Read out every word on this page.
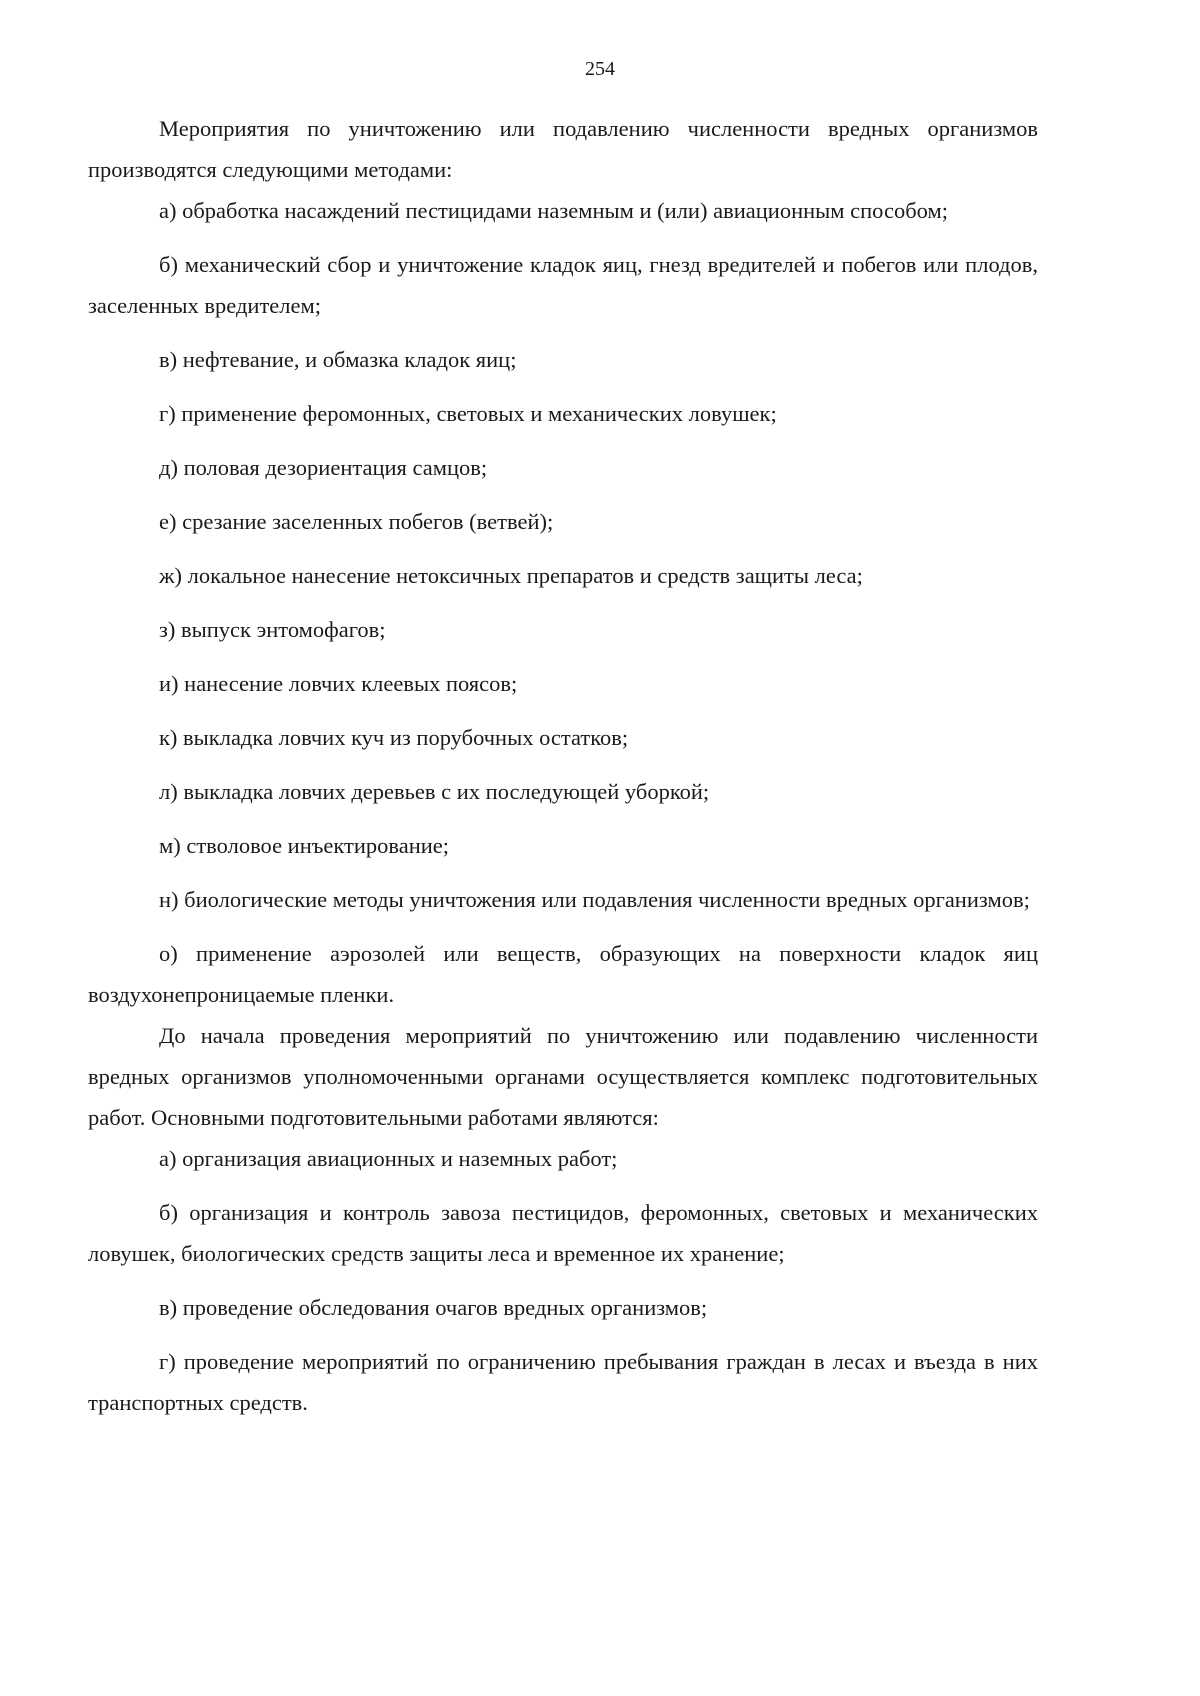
254

Мероприятия по уничтожению или подавлению численности вредных организмов производятся следующими методами:

а) обработка насаждений пестицидами наземным и (или) авиационным способом;

б) механический сбор и уничтожение кладок яиц, гнезд вредителей и побегов или плодов, заселенных вредителем;

в) нефтевание, и обмазка кладок яиц;

г) применение феромонных, световых и механических ловушек;

д) половая дезориентация самцов;

е) срезание заселенных побегов (ветвей);

ж) локальное нанесение нетоксичных препаратов и средств защиты леса;

з) выпуск энтомофагов;

и) нанесение ловчих клеевых поясов;

к) выкладка ловчих куч из порубочных остатков;

л) выкладка ловчих деревьев с их последующей уборкой;

м) стволовое инъектирование;

н) биологические методы уничтожения или подавления численности вредных организмов;

о) применение аэрозолей или веществ, образующих на поверхности кладок яиц воздухонепроницаемые пленки.

До начала проведения мероприятий по уничтожению или подавлению численности вредных организмов уполномоченными органами осуществляется комплекс подготовительных работ. Основными подготовительными работами являются:

а) организация авиационных и наземных работ;

б) организация и контроль завоза пестицидов, феромонных, световых и механических ловушек, биологических средств защиты леса и временное их хранение;

в) проведение обследования очагов вредных организмов;

г) проведение мероприятий по ограничению пребывания граждан в лесах и въезда в них транспортных средств.
